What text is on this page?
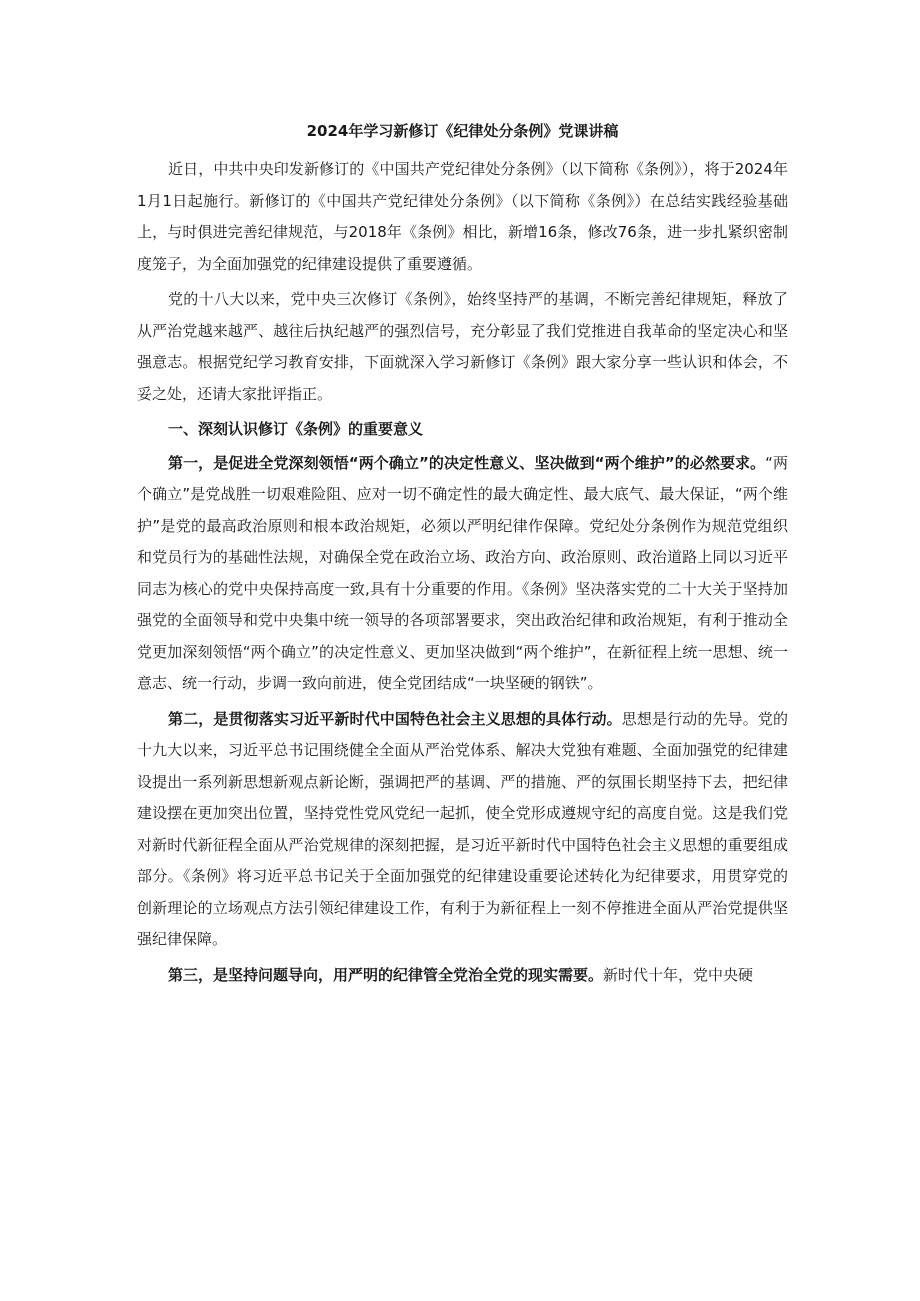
2024年学习新修订《纪律处分条例》党课讲稿

近日，中共中央印发新修订的《中国共产党纪律处分条例》（以下简称《条例》），将于2024年1月1日起施行。新修订的《中国共产党纪律处分条例》（以下简称《条例》）在总结实践经验基础上，与时俱进完善纪律规范，与2018年《条例》相比，新增16条，修改76条，进一步扎紧织密制度笼子，为全面加强党的纪律建设提供了重要遵循。

党的十八大以来，党中央三次修订《条例》，始终坚持严的基调，不断完善纪律规矩，释放了从严治党越来越严、越往后执纪越严的强烈信号，充分彰显了我们党推进自我革命的坚定决心和坚强意志。根据党纪学习教育安排，下面就深入学习新修订《条例》跟大家分享一些认识和体会，不妥之处，还请大家批评指正。

一、深刻认识修订《条例》的重要意义

第一，是促进全党深刻领悟“两个确立”的决定性意义、坚决做到“两个维护”的必然要求。“两个确立”是党战胜一切艰难险阻、应对一切不确定性的最大确定性、最大底气、最大保证，“两个维护”是党的最高政治原则和根本政治规矩，必须以严明纪律作保障。党纪处分条例作为规范党组织和党员行为的基础性法规，对确保全党在政治立场、政治方向、政治原则、政治道路上同以习近平同志为核心的党中央保持高度一致,具有十分重要的作用。《条例》坚决落实党的二十大关于坚持加强党的全面领导和党中央集中统一领导的各项部署要求，突出政治纪律和政治规矩，有利于推动全党更加深刻领悟“两个确立”的决定性意义、更加坚决做到“两个维护”，在新征程上统一思想、统一意志、统一行动，步调一致向前进，使全党团结成“一块坚硬的钢铁”。

第二，是贯彻落实习近平新时代中国特色社会主义思想的具体行动。思想是行动的先导。党的十九大以来，习近平总书记围绕健全全面从严治党体系、解决大党独有难题、全面加强党的纪律建设提出一系列新思想新观点新论断，强调把严的基调、严的措施、严的氛围长期坚持下去，把纪律建设摆在更加突出位置，坚持党性党风党纪一起抓，使全党形成遵规守纪的高度自觉。这是我们党对新时代新征程全面从严治党规律的深刻把握，是习近平新时代中国特色社会主义思想的重要组成部分。《条例》将习近平总书记关于全面加强党的纪律建设重要论述转化为纪律要求，用贯穿党的创新理论的立场观点方法引领纪律建设工作，有利于为新征程上一刻不停推进全面从严治党提供坚强纪律保障。

第三，是坚持问题导向，用严明的纪律管全党治全党的现实需要。新时代十年，党中央硬
